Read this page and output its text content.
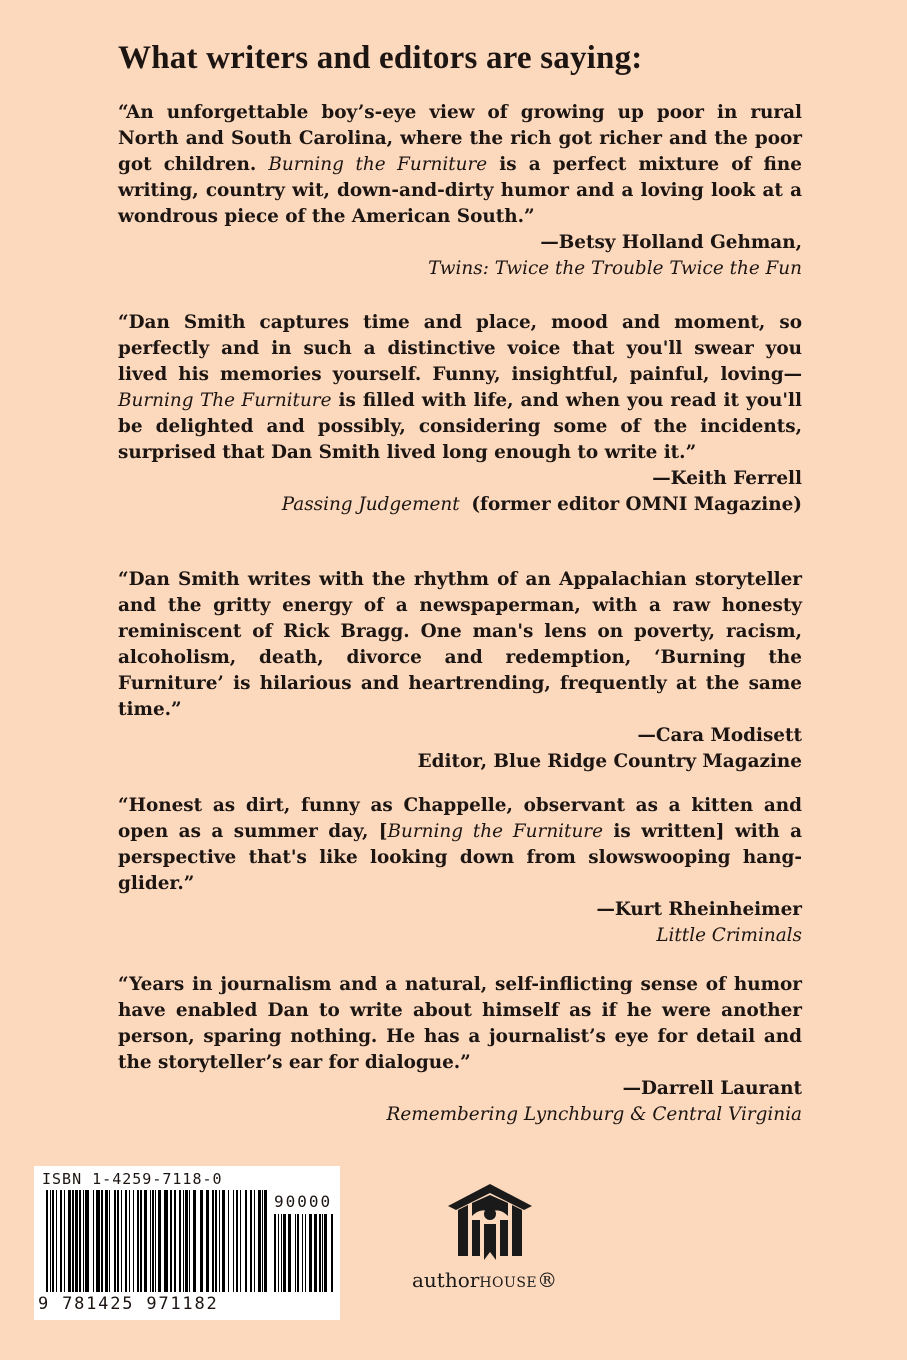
What writers and editors are saying:

“An unforgettable boy’s-eye view of growing up poor in rural North and South Carolina, where the rich got richer and the poor got children. Burning the Furniture is a perfect mixture of fine writing, country wit, down-and-dirty humor and a loving look at a wondrous piece of the American South.”

—Betsy Holland Gehman,

Twins: Twice the Trouble Twice the Fun

“Dan Smith captures time and place, mood and moment, so perfectly and in such a distinctive voice that you'll swear you lived his memories yourself. Funny, insightful, painful, loving—Burning The Furniture is filled with life, and when you read it you'll be delighted and possibly, considering some of the incidents, surprised that Dan Smith lived long enough to write it.”

—Keith Ferrell

Passing Judgement (former editor OMNI Magazine)

“Dan Smith writes with the rhythm of an Appalachian storyteller and the gritty energy of a newspaperman, with a raw honesty reminiscent of Rick Bragg. One man's lens on poverty, racism, alcoholism, death, divorce and redemption, ‘Burning the Furniture’ is hilarious and heartrending, frequently at the same time.”

—Cara Modisett

Editor, Blue Ridge Country Magazine

“Honest as dirt, funny as Chappelle, observant as a kitten and open as a summer day, [Burning the Furniture is written] with a perspective that's like looking down from slowswooping hang-glider.”

—Kurt Rheinheimer

Little Criminals

“Years in journalism and a natural, self-inflicting sense of humor have enabled Dan to write about himself as if he were another person, sparing nothing. He has a journalist’s eye for detail and the storyteller’s ear for dialogue.”

—Darrell Laurant

Remembering Lynchburg & Central Virginia

ISBN 1-4259-7118-0

90000

9 781425 971182

authorHOUSE®
